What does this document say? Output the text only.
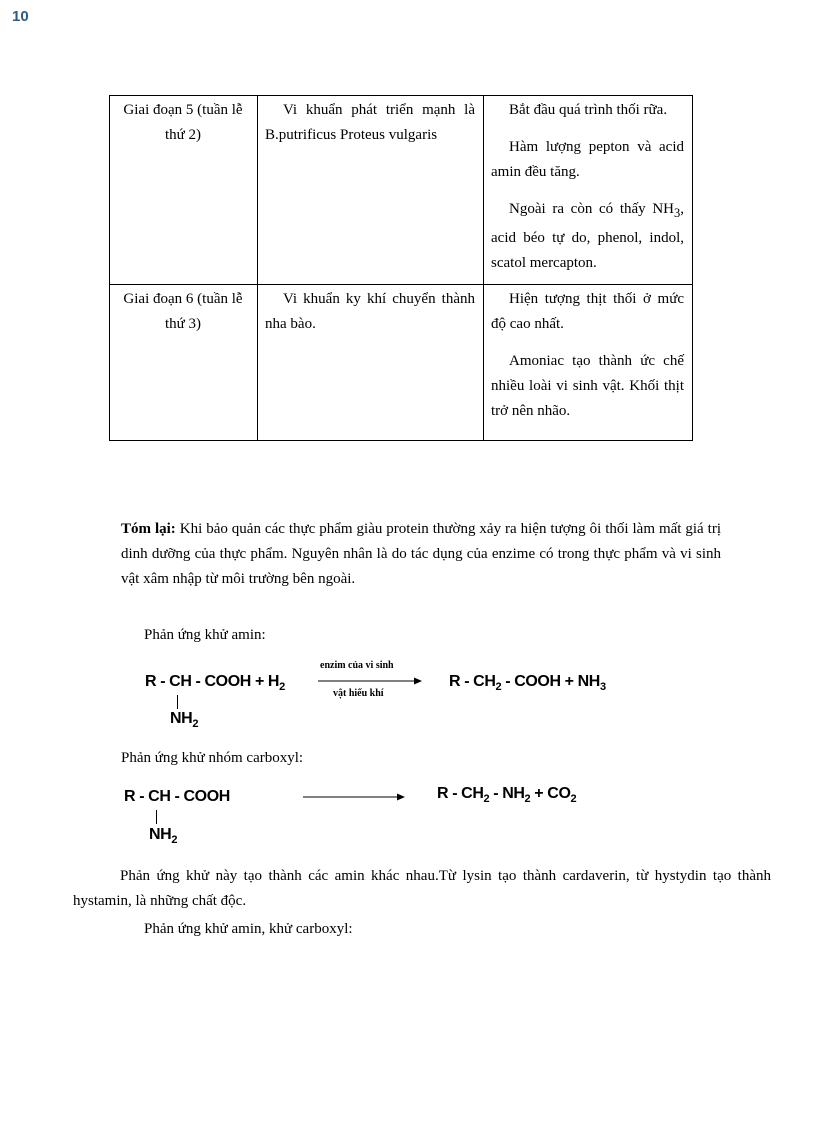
10
Giai đoạn 5 (tuần lễ thứ 2)	Vi khuẩn phát triển mạnh là B.putrificus Proteus vulgaris	Bắt đầu quá trình thối rữa.

Hàm lượng pepton và acid amin đều tăng.

Ngoài ra còn có thấy $NH_3$, acid béo tự do, phenol, indol, scatol mercapton.

Giai đoạn 6 (tuần lễ thứ 3)	Vi khuẩn ky khí chuyển thành nha bào.	Hiện tượng thịt thối ở mức độ cao nhất.

Amoniac tạo thành ức chế nhiều loài vi sinh vật. Khối thịt trở nên nhão.

Tóm lại: Khi bảo quản các thực phẩm giàu protein thường xảy ra hiện tượng ôi thối làm mất giá trị dinh dưỡng của thực phẩm. Nguyên nhân là do tác dụng của enzime có trong thực phẩm và vi sinh vật xâm nhập từ môi trường bên ngoài.

Phản ứng khử amin:

R - CH - COOH + $H_2$
$NH_2$
enzim của vi sinh
vật hiếu khí
R - $CH_2$ - COOH + $NH_3$

Phản ứng khử nhóm carboxyl:

R - CH - COOH
$NH_2$
$R - CH_2 - NH_2 + CO_2$

Phản ứng khử này tạo thành các amin khác nhau.Từ lysin tạo thành cardaverin, từ hystydin tạo thành hystamin, là những chất độc.

Phản ứng khử amin, khử carboxyl:
